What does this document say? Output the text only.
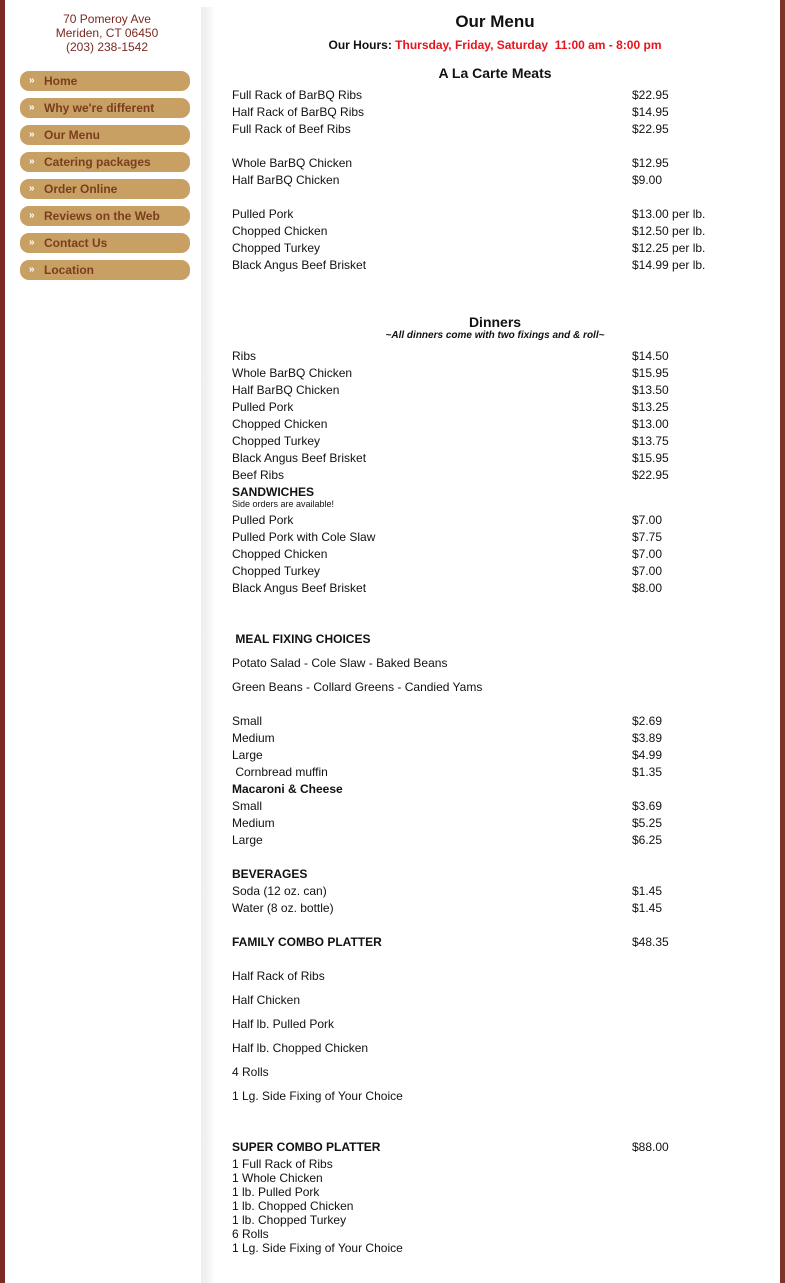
70 Pomeroy Ave
Meriden, CT 06450
(203) 238-1542
»	Home
»	Why we're different
»	Our Menu
»	Catering packages
»	Order Online
»	Reviews on the Web
»	Contact Us
»	Location
Our Menu
Our Hours: Thursday, Friday, Saturday  11:00 am - 8:00 pm
A La Carte Meats
Full Rack of BarBQ Ribs	$22.95
Half Rack of BarBQ Ribs	$14.95
Full Rack of Beef Ribs	$22.95
Whole BarBQ Chicken	$12.95
Half BarBQ Chicken	$9.00
Pulled Pork	$13.00 per lb.
Chopped Chicken	$12.50 per lb.
Chopped Turkey	$12.25 per lb.
Black Angus Beef Brisket	$14.99 per lb.
Dinners
~All dinners come with two fixings and & roll~
Ribs	$14.50
Whole BarBQ Chicken	$15.95
Half BarBQ Chicken	$13.50
Pulled Pork	$13.25
Chopped Chicken	$13.00
Chopped Turkey	$13.75
Black Angus Beef Brisket	$15.95
Beef Ribs	$22.95
SANDWICHES
Side orders are available!
Pulled Pork	$7.00
Pulled Pork with Cole Slaw	$7.75
Chopped Chicken	$7.00
Chopped Turkey	$7.00
Black Angus Beef Brisket	$8.00
MEAL FIXING CHOICES
Potato Salad - Cole Slaw - Baked Beans
Green Beans - Collard Greens - Candied Yams
Small	$2.69
Medium	$3.89
Large	$4.99
Cornbread muffin	$1.35
Macaroni & Cheese
Small	$3.69
Medium	$5.25
Large	$6.25
BEVERAGES
Soda (12 oz. can)	$1.45
Water (8 oz. bottle)	$1.45
FAMILY COMBO PLATTER	$48.35
Half Rack of Ribs
Half Chicken
Half lb. Pulled Pork
Half lb. Chopped Chicken
4 Rolls
1 Lg. Side Fixing of Your Choice
SUPER COMBO PLATTER	$88.00
1 Full Rack of Ribs
1 Whole Chicken
1 lb. Pulled Pork
1 lb. Chopped Chicken
1 lb. Chopped Turkey
6 Rolls
1 Lg. Side Fixing of Your Choice
